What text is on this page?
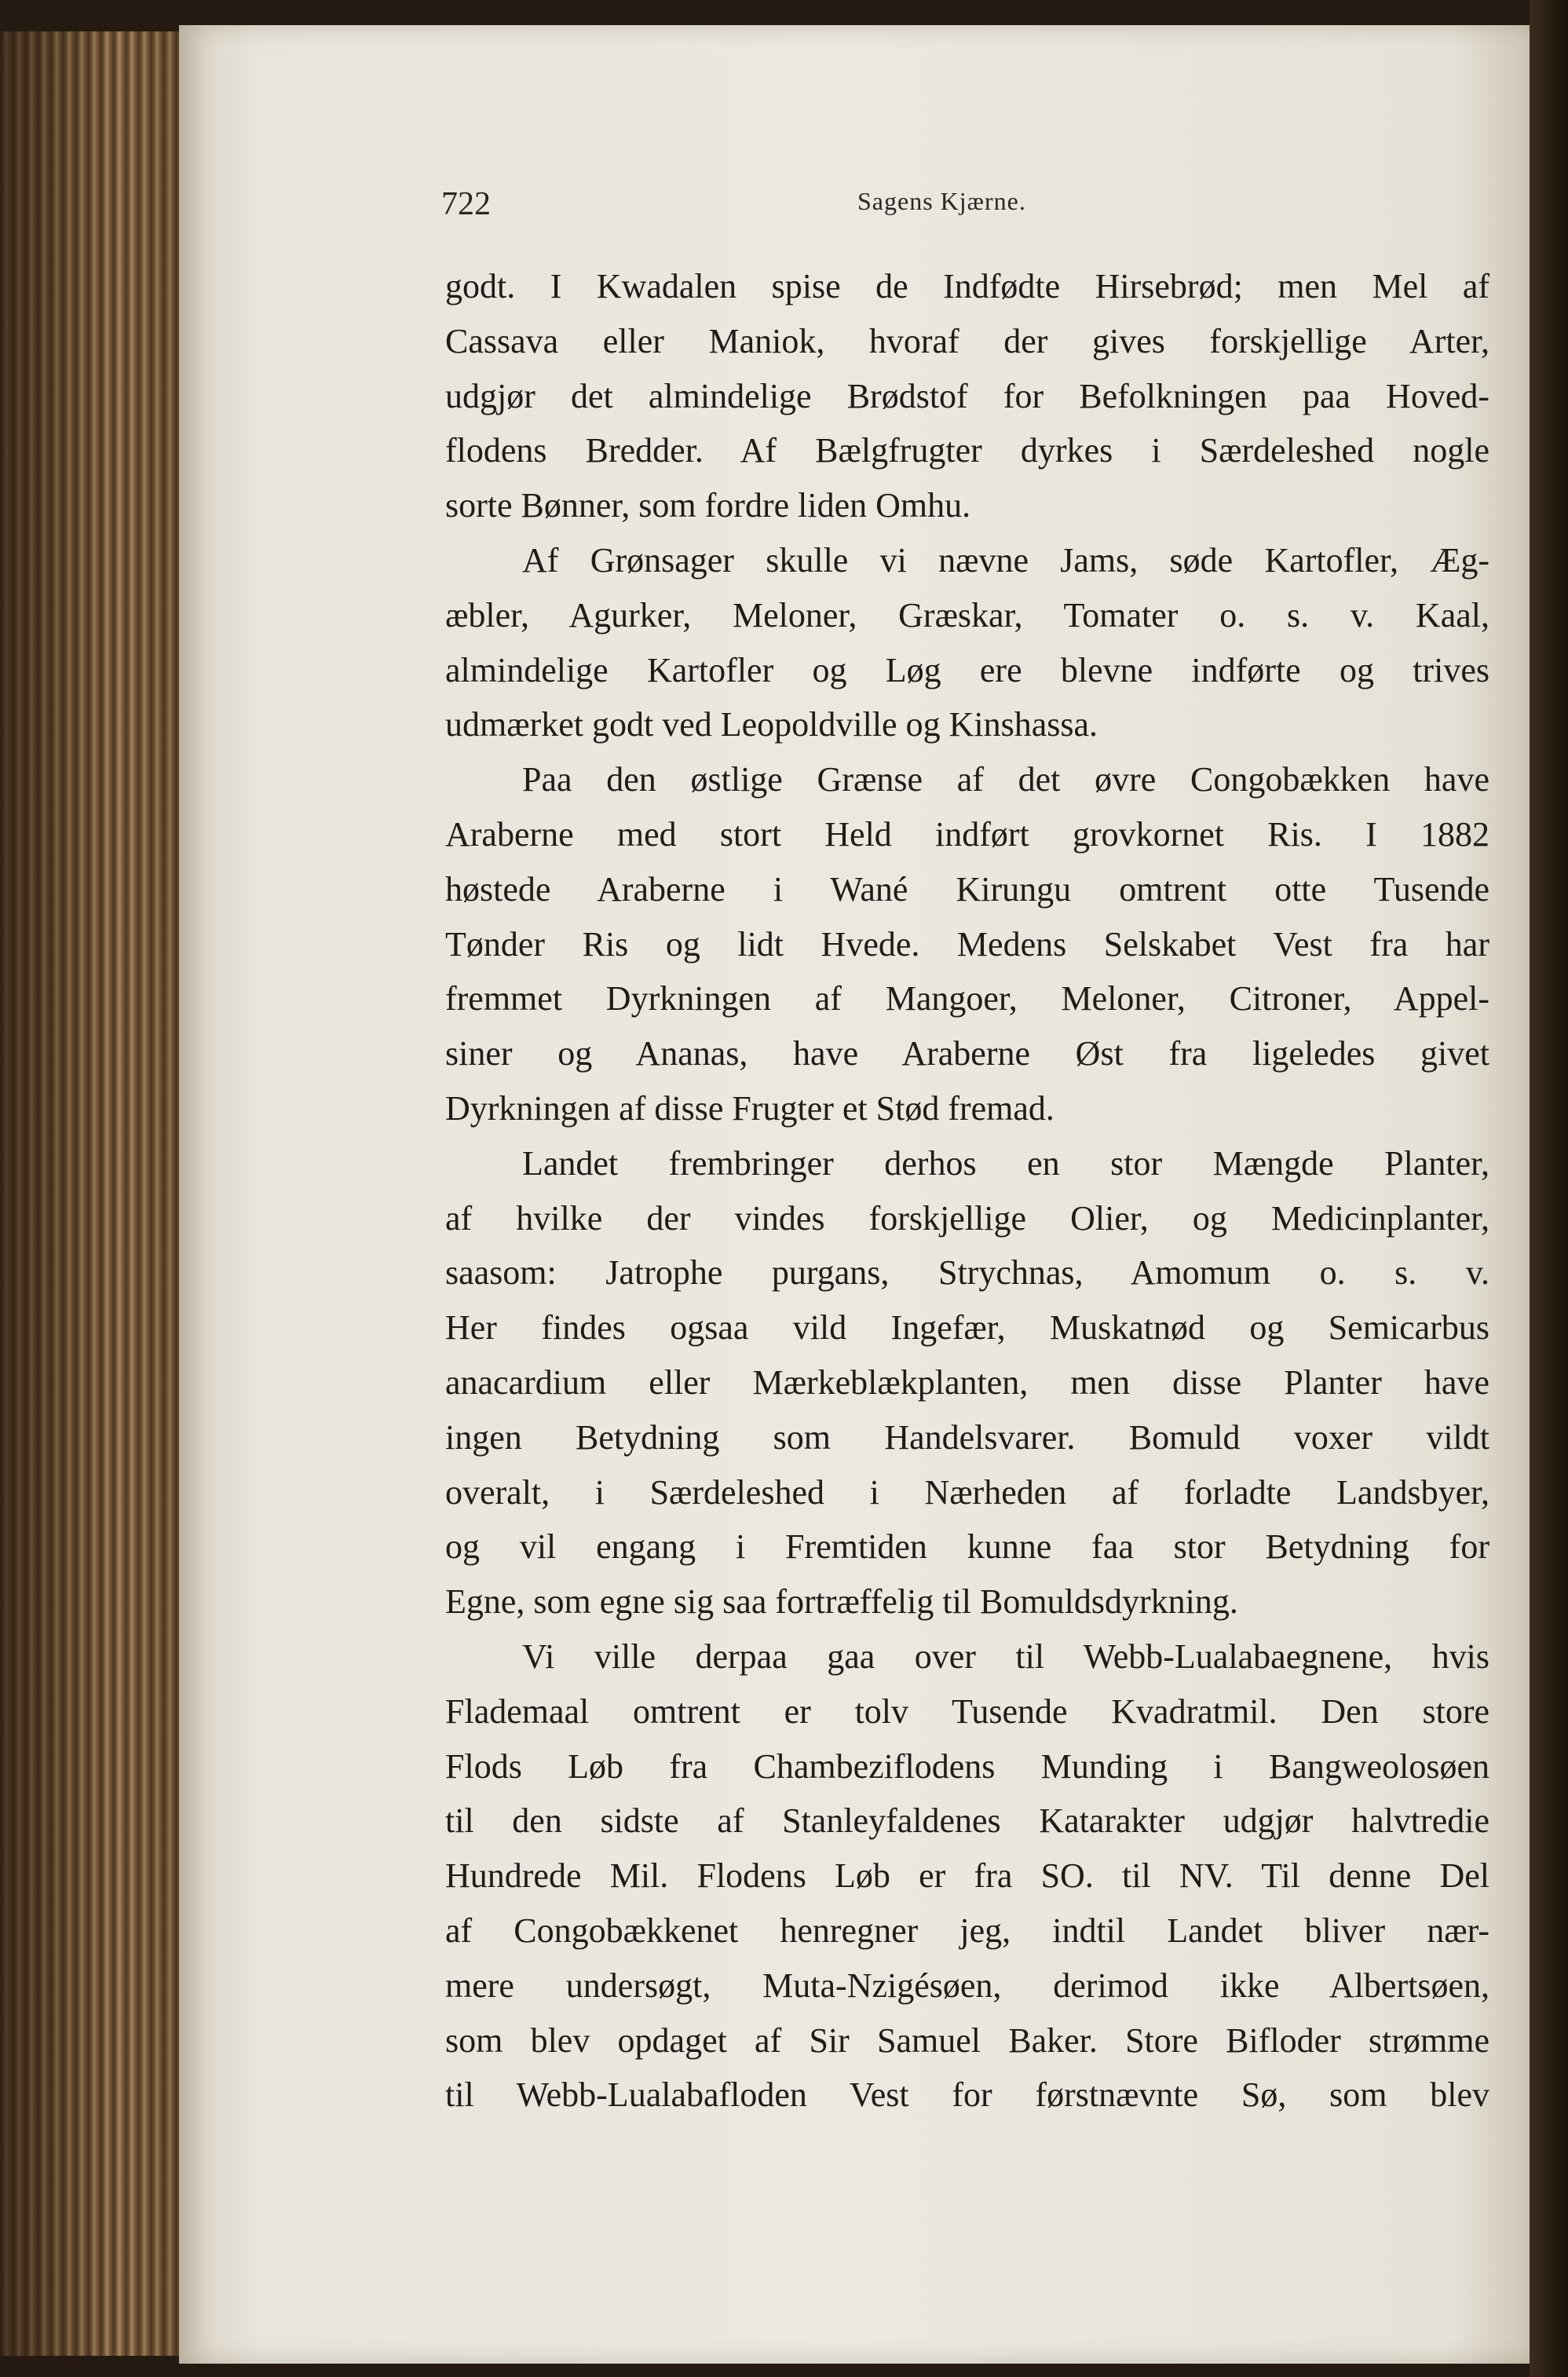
722	Sagens Kjærne.
godt. I Kwadalen spise de Indfødte Hirsebrød; men Mel af
Cassava eller Maniok, hvoraf der gives forskjellige Arter,
udgjør det almindelige Brødstof for Befolkningen paa Hoved-
flodens Bredder. Af Bælgfrugter dyrkes i Særdeleshed nogle
sorte Bønner, som fordre liden Omhu.
Af Grønsager skulle vi nævne Jams, søde Kartofler, Æg-
æbler, Agurker, Meloner, Græskar, Tomater o. s. v. Kaal,
almindelige Kartofler og Løg ere blevne indførte og trives
udmærket godt ved Leopoldville og Kinshassa.
Paa den østlige Grænse af det øvre Congobækken have
Araberne med stort Held indført grovkornet Ris. I 1882
høstede Araberne i Wané Kirungu omtrent otte Tusende
Tønder Ris og lidt Hvede. Medens Selskabet Vest fra har
fremmet Dyrkningen af Mangoer, Meloner, Citroner, Appel-
siner og Ananas, have Araberne Øst fra ligeledes givet
Dyrkningen af disse Frugter et Stød fremad.
Landet frembringer derhos en stor Mængde Planter,
af hvilke der vindes forskjellige Olier, og Medicinplanter,
saasom: Jatrophe purgans, Strychnas, Amomum o. s. v.
Her findes ogsaa vild Ingefær, Muskatnød og Semicarbus
anacardium eller Mærkeblækplanten, men disse Planter have
ingen Betydning som Handelsvarer. Bomuld voxer vildt
overalt, i Særdeleshed i Nærheden af forladte Landsbyer,
og vil engang i Fremtiden kunne faa stor Betydning for
Egne, som egne sig saa fortræffelig til Bomuldsdyrkning.
Vi ville derpaa gaa over til Webb-Lualabaegnene, hvis
Flademaal omtrent er tolv Tusende Kvadratmil. Den store
Flods Løb fra Chambeziflodens Munding i Bangweolosøen
til den sidste af Stanleyfaldenes Katarakter udgjør halvtredie
Hundrede Mil. Flodens Løb er fra SO. til NV. Til denne Del
af Congobækkenet henregner jeg, indtil Landet bliver nær-
mere undersøgt, Muta-Nzigésøen, derimod ikke Albertsøen,
som blev opdaget af Sir Samuel Baker. Store Bifloder strømme
til Webb-Lualabafloden Vest for førstnævnte Sø, som blev
